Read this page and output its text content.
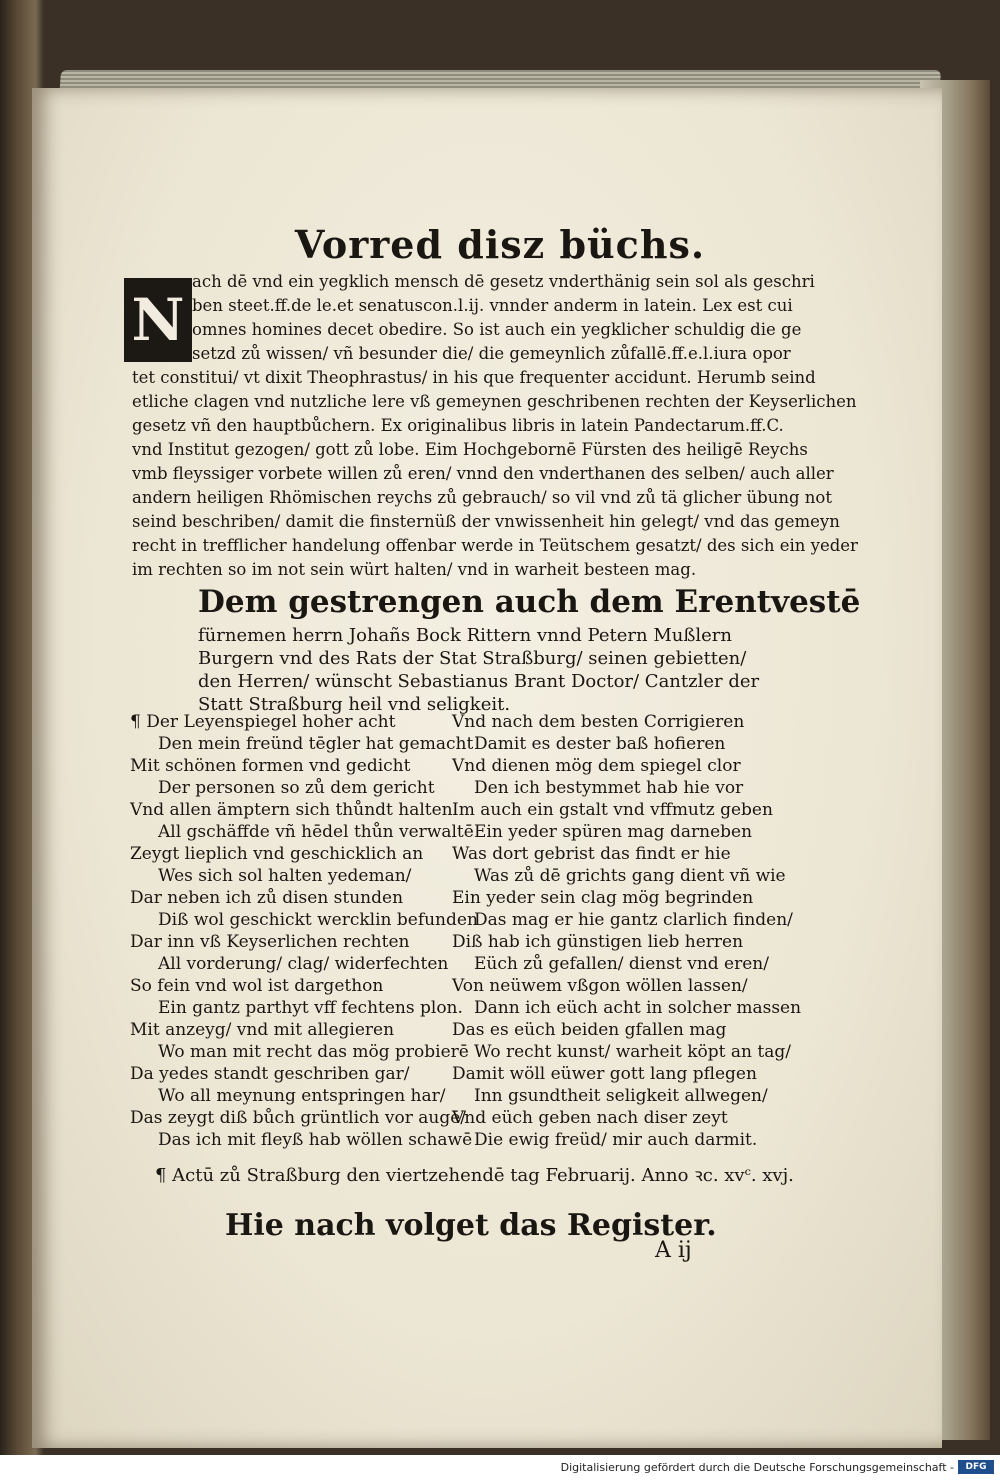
Vorred disz büchs.
N
ach dē vnd ein yegklich mensch dē gesetz vnderthänig sein sol als geschri
ben steet.ff.de le.et senatuscon.l.ij. vnnder anderm in latein. Lex est cui
omnes homines decet obedire. So ist auch ein yegklicher schuldig die ge
setzd zů wissen/ vñ besunder die/ die gemeynlich zůfallē.ff.e.l.iura opor
tet constitui/ vt dixit Theophrastus/ in his que frequenter accidunt. Herumb seind
etliche clagen vnd nutzliche lere vß gemeynen geschribenen rechten der Keyserlichen
gesetz vñ den hauptbůchern. Ex originalibus libris in latein Pandectarum.ff.C.
vnd Institut gezogen/ gott zů lobe. Eim Hochgebornē Fürsten des heiligē Reychs
vmb fleyssiger vorbete willen zů eren/ vnnd den vnderthanen des selben/ auch aller
andern heiligen Rhömischen reychs zů gebrauch/ so vil vnd zů tä glicher übung not
seind beschriben/ damit die finsternüß der vnwissenheit hin gelegt/ vnd das gemeyn
recht in trefflicher handelung offenbar werde in Teütschem gesatzt/ des sich ein yeder
im rechten so im not sein würt halten/ vnd in warheit besteen mag.
Dem gestrengen auch dem Erentvestē
fürnemen herrn Johañs Bock Rittern vnnd Petern Mußlern
Burgern vnd des Rats der Stat Straßburg/ seinen gebietten/
den Herren/ wünscht Sebastianus Brant Doctor/ Cantzler der
Statt Straßburg heil vnd seligkeit.
¶ Der Leyenspiegel hoher acht
Den mein freünd tēgler hat gemacht
Mit schönen formen vnd gedicht
Der personen so zů dem gericht
Vnd allen ämptern sich thůndt halten
All gschäffde vñ hēdel thůn verwaltē
Zeygt lieplich vnd geschicklich an
Wes sich sol halten yedeman/
Dar neben ich zů disen stunden
Diß wol geschickt wercklin befunden
Dar inn vß Keyserlichen rechten
All vorderung/ clag/ widerfechten
So fein vnd wol ist dargethon
Ein gantz parthyt vff fechtens plon.
Mit anzeyg/ vnd mit allegieren
Wo man mit recht das mög probierē
Da yedes standt geschriben gar/
Wo all meynung entspringen har/
Das zeygt diß bůch grüntlich vor augē/
Das ich mit fleyß hab wöllen schawē
Vnd nach dem besten Corrigieren
Damit es dester baß hofieren
Vnd dienen mög dem spiegel clor
Den ich bestymmet hab hie vor
Im auch ein gstalt vnd vffmutz geben
Ein yeder spüren mag darneben
Was dort gebrist das findt er hie
Was zů dē grichts gang dient vñ wie
Ein yeder sein clag mög begrinden
Das mag er hie gantz clarlich finden/
Diß hab ich günstigen lieb herren
Eüch zů gefallen/ dienst vnd eren/
Von neüwem vßgon wöllen lassen/
Dann ich eüch acht in solcher massen
Das es eüch beiden gfallen mag
Wo recht kunst/ warheit köpt an tag/
Damit wöll eüwer gott lang pflegen
Inn gsundtheit seligkeit allwegen/
Vnd eüch geben nach diser zeyt
Die ewig freüd/ mir auch darmit.
¶ Actū zů Straßburg den viertzehendē tag Februarij. Anno ꝛc. xvᶜ. xvj.
Hie nach volget das Register.
A ij
Digitalisierung gefördert durch die Deutsche Forschungsgemeinschaft -	DFG
